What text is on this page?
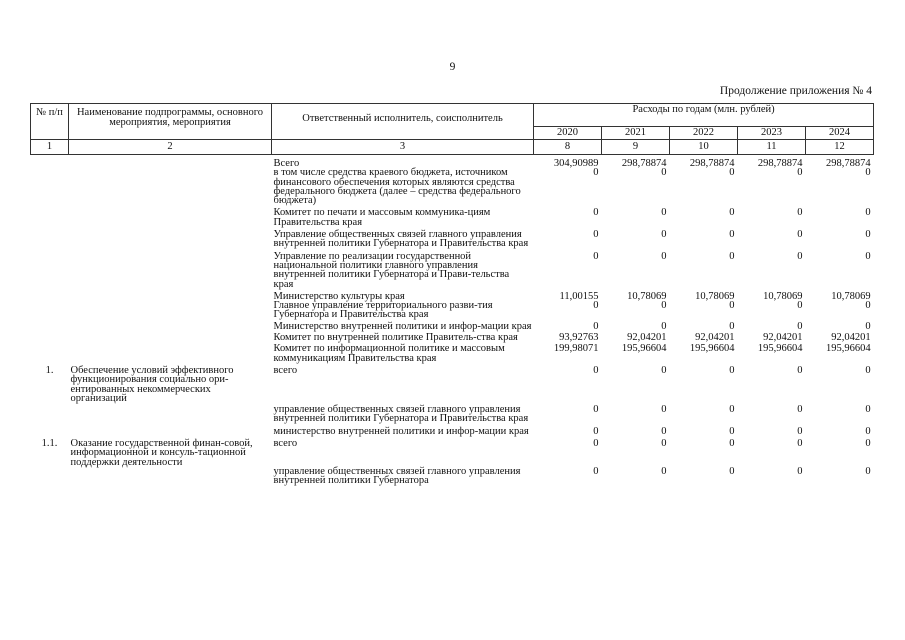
9
Продолжение приложения № 4
№ п/п	Наименование подпрограммы, основного мероприятия, мероприятия	Ответственный исполнитель, соисполнитель	Расходы по годам (млн. рублей)				
			2020	2021	2022	2023	2024
1	2	3	8	9	10	11	12
		Всего	304,90989	298,78874	298,78874	298,78874	298,78874
		в том числе средства краевого бюджета, источником финансового обеспечения которых являются средства федерального бюджета (далее – средства федерального бюджета)	0	0	0	0	0
		Комитет по печати и массовым коммуника-циям Правительства края	0	0	0	0	0
		Управление общественных связей главного управления внутренней политики Губернатора и Правительства края	0	0	0	0	0
		Управление по реализации государственной национальной политики главного управления внутренней политики Губернатора и Прави-тельства края	0	0	0	0	0
		Министерство культуры края	11,00155	10,78069	10,78069	10,78069	10,78069
		Главное управление территориального разви-тия Губернатора и Правительства края	0	0	0	0	0
		Министерство внутренней политики и инфор-мации края	0	0	0	0	0
		Комитет по внутренней политике Правитель-ства края	93,92763	92,04201	92,04201	92,04201	92,04201
		Комитет по информационной политике и массовым коммуникациям Правительства края	199,98071	195,96604	195,96604	195,96604	195,96604
1.	Обеспечение условий эффективного функционирования социально ори-ентированных некоммерческих организаций	всего	0	0	0	0	0
		управление общественных связей главного управления внутренней политики Губернатора и Правительства края	0	0	0	0	0
		министерство внутренней политики и инфор-мации края	0	0	0	0	0
1.1.	Оказание государственной финан-совой, информационной и консуль-тационной поддержки деятельности	всего	0	0	0	0	0
		управление общественных связей главного управления внутренней политики Губернатора	0	0	0	0	0
